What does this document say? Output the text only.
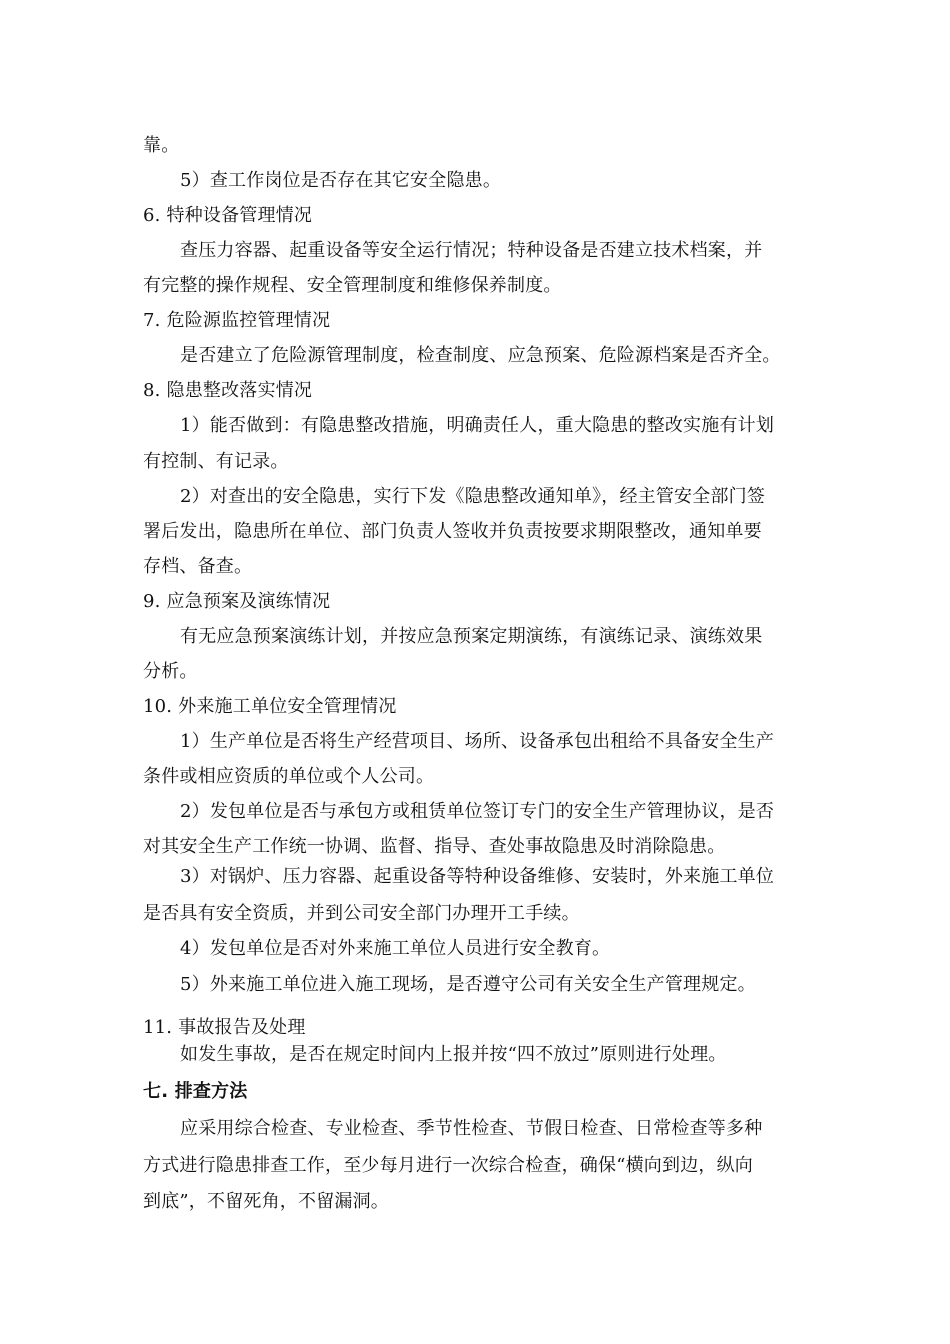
靠。
5）查工作岗位是否存在其它安全隐患。
6. 特种设备管理情况
查压力容器、起重设备等安全运行情况；特种设备是否建立技术档案，并
有完整的操作规程、安全管理制度和维修保养制度。
7. 危险源监控管理情况
是否建立了危险源管理制度，检查制度、应急预案、危险源档案是否齐全。
8. 隐患整改落实情况
1）能否做到：有隐患整改措施，明确责任人，重大隐患的整改实施有计划
有控制、有记录。
2）对查出的安全隐患，实行下发《隐患整改通知单》，经主管安全部门签
署后发出，隐患所在单位、部门负责人签收并负责按要求期限整改，通知单要
存档、备查。
9. 应急预案及演练情况
有无应急预案演练计划，并按应急预案定期演练，有演练记录、演练效果
分析。
10. 外来施工单位安全管理情况
1）生产单位是否将生产经营项目、场所、设备承包出租给不具备安全生产
条件或相应资质的单位或个人公司。
2）发包单位是否与承包方或租赁单位签订专门的安全生产管理协议，是否
对其安全生产工作统一协调、监督、指导、查处事故隐患及时消除隐患。
3）对锅炉、压力容器、起重设备等特种设备维修、安装时，外来施工单位
是否具有安全资质，并到公司安全部门办理开工手续。
4）发包单位是否对外来施工单位人员进行安全教育。
5）外来施工单位进入施工现场，是否遵守公司有关安全生产管理规定。
11. 事故报告及处理
如发生事故，是否在规定时间内上报并按“四不放过”原则进行处理。
七. 排查方法
应采用综合检查、专业检查、季节性检查、节假日检查、日常检查等多种
方式进行隐患排查工作，至少每月进行一次综合检查，确保“横向到边，纵向
到底”，不留死角，不留漏洞。
